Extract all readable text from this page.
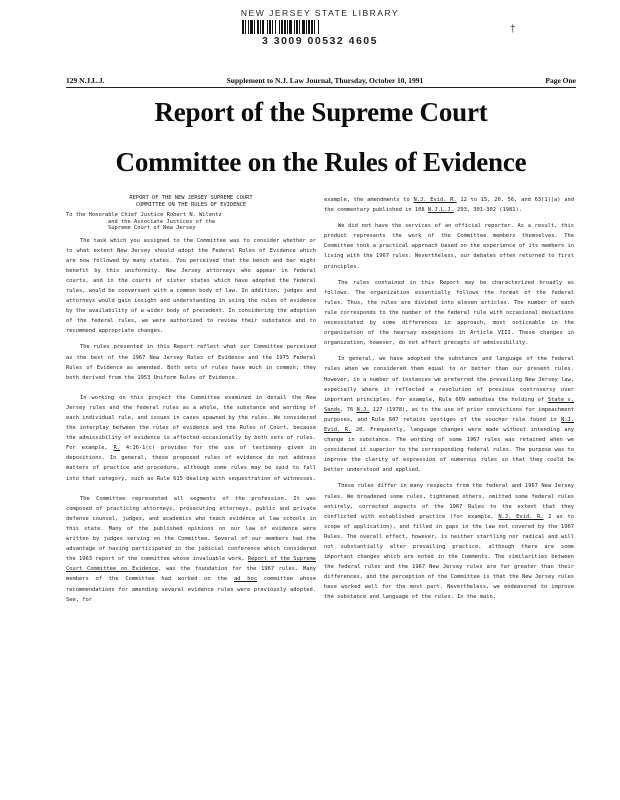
NEW JERSEY STATE LIBRARY
3 3009 00532 4605
†
129 N.J.L.J.	Supplement to N.J. Law Journal, Thursday, October 10, 1991	Page One
Report of the Supreme Court
Committee on the Rules of Evidence

REPORT OF THE NEW JERSEY SUPREME COURT

COMMITTEE ON THE RULES OF EVIDENCE

To the Honorable Chief Justice Robert N. Wilentz
and the Associate Justices of the
Supreme Court of New Jersey

The task which you assigned to the Committee was to consider whether or to what extent New Jersey should adopt the Federal Rules of Evidence which are now followed by many states. You perceived that the bench and bar might benefit by this uniformity. New Jersey attorneys who appear in federal courts, and in the courts of sister states which have adopted the federal rules, would be conversant with a common body of law. In addition, judges and attorneys would gain insight and understanding in using the rules of evidence by the availability of a wider body of precedent. In considering the adoption of the federal rules, we were authorized to review their substance and to recommend appropriate changes.

The rules presented in this Report reflect what our Committee perceived as the best of the 1967 New Jersey Rules of Evidence and the 1975 Federal Rules of Evidence as amended. Both sets of rules have much in common; they both derived from the 1953 Uniform Rules of Evidence.

In working on this project the Committee examined in detail the New Jersey rules and the federal rules as a whole, the substance and wording of each individual rule, and issues in cases spawned by the rules. We considered the interplay between the rules of evidence and the Rules of Court, because the admissibility of evidence is affected occasionally by both sets of rules. For example, R. 4:16-1(c) provides for the use of testimony given in depositions. In general, these proposed rules of evidence do not address matters of practice and procedure, although some rules may be said to fall into that category, such as Rule 615 dealing with sequestration of witnesses.

The Committee represented all segments of the profession. It was composed of practicing attorneys, prosecuting attorneys, public and private defense counsel, judges, and academics who teach evidence at law schools in this state. Many of the published opinions on our law of evidence were written by judges serving on the Committee. Several of our members had the advantage of having participated in the judicial conference which considered the 1963 report of the committee whose invaluable work, Report of the Supreme Court Committee on Evidence, was the foundation for the 1967 rules. Many members of the Committee had worked on the ad hoc committee whose recommendations for amending several evidence rules were previously adopted. See, for

example, the amendments to N.J. Evid. R. 12 to 15, 20, 56, and 63(1)(a) and the commentary published in 108 N.J.L.J. 293, 301-302 (1981).

We did not have the services of an official reporter. As a result, this product represents the work of the Committee members themselves. The Committee took a practical approach based on the experience of its members in living with the 1967 rules. Nevertheless, our debates often returned to first principles.

The rules contained in this Report may be characterized broadly as follows. The organization essentially follows the format of the federal rules. Thus, the rules are divided into eleven articles. The number of each rule corresponds to the number of the federal rule with occasional deviations necessitated by some differences in approach, most noticeable in the organization of the hearsay exceptions in Article VIII. These changes in organization, however, do not affect precepts of admissibility.

In general, we have adopted the substance and language of the federal rules when we considered them equal to or better than our present rules. However, in a number of instances we preferred the prevailing New Jersey law, especially where it reflected a resolution of previous controversy over important principles. For example, Rule 609 embodies the holding of State v. Sands, 76 N.J. 127 (1978), as to the use of prior convictions for impeachment purposes, and Rule 607 retains vestiges of the voucher rule found in N.J. Evid. R. 20. Frequently, language changes were made without intending any change in substance. The wording of some 1967 rules was retained when we considered it superior to the corresponding federal rules. The purpose was to improve the clarity of expression of numerous rules so that they could be better understood and applied.

These rules differ in many respects from the federal and 1967 New Jersey rules. We broadened some rules, tightened others, omitted some federal rules entirely, corrected aspects of the 1967 Rules to the extent that they conflicted with established practice (for example, N.J. Evid. R. 2 as to scope of application), and filled in gaps in the law not covered by the 1967 Rules. The overall effect, however, is neither startling nor radical and will not substantially alter prevailing practice, although there are some important changes which are noted in the Comments. The similarities between the federal rules and the 1967 New Jersey rules are far greater than their differences, and the perception of the Committee is that the New Jersey rules have worked well for the most part. Nevertheless, we endeavored to improve the substance and language of the rules. In the main,
